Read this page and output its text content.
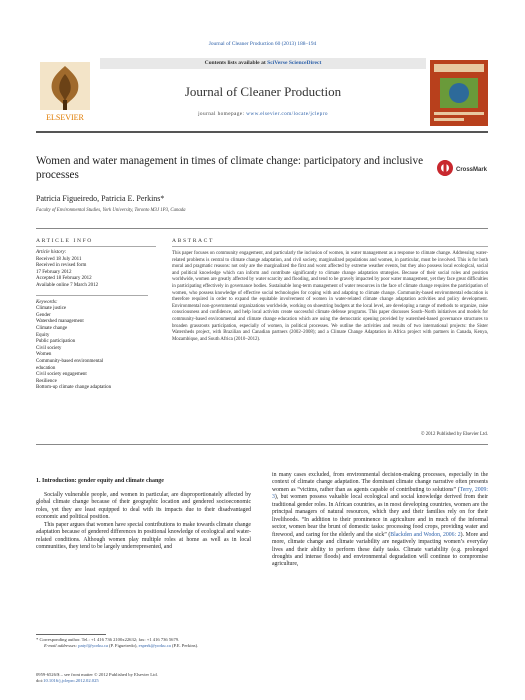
Journal of Cleaner Production 60 (2013) 188–194
ELSEVIER
Contents lists available at SciVerse ScienceDirect
Journal of Cleaner Production
journal homepage: www.elsevier.com/locate/jclepro
Women and water management in times of climate change: participatory and inclusive processes	CrossMark
Patricia Figueiredo, Patricia E. Perkins*
Faculty of Environmental Studies, York University, Toronto M3J 1P3, Canada
ARTICLE INFO	ABSTRACT
Article history:
Received 18 July 2011
Received in revised form
17 February 2012
Accepted 18 February 2012
Available online 7 March 2012
Keywords:
Climate justice
Gender
Watershed management
Climate change
Equity
Public participation
Civil society
Women
Community-based environmental
education
Civil society engagement
Resilience
Bottom-up climate change adaptation
This paper focuses on community engagement, and particularly the inclusion of women, in water management as a response to climate change. Addressing water-related problems is central to climate change adaptation, and civil society, marginalized populations and women, in particular, must be involved. This is for both moral and pragmatic reasons: not only are the marginalized the first and worst affected by extreme weather events, but they also possess local ecological, social and political knowledge which can inform and contribute significantly to climate change adaptation strategies. Because of their social roles and position worldwide, women are greatly affected by water scarcity and flooding, and tend to be gravely impacted by poor water management, yet they face great difficulties in participating effectively in governance bodies. Sustainable long-term management of water resources in the face of climate change requires the participation of women, who possess knowledge of effective social technologies for coping with and adapting to climate change. Community-based environmental education is therefore required in order to expand the equitable involvement of women in water-related climate change adaptation activities and policy development. Environmental non-governmental organizations worldwide, working on shoestring budgets at the local level, are developing a range of methods to organize, raise consciousness and confidence, and help local activists create successful climate defense programs. This paper discusses South–North initiatives and models for community-based environmental and climate change education which are using the democratic opening provided by watershed-based governance structures to broaden grassroots participation, especially of women, in political processes. We outline the activities and results of two international projects: the Sister Watersheds project, with Brazilian and Canadian partners (2002–2008); and a Climate Change Adaptation in Africa project with partners in Canada, Kenya, Mozambique, and South Africa (2010–2012).
© 2012 Published by Elsevier Ltd.
1. Introduction: gender equity and climate change

Socially vulnerable people, and women in particular, are disproportionately affected by global climate change because of their geographic location and gendered socioeconomic roles, yet they are least equipped to deal with its impacts due to their disadvantaged economic and political position.

This paper argues that women have special contributions to make towards climate change adaptation because of gendered differences in positional knowledge of ecological and water-related conditions. Although women play multiple roles at home as well as in local communities, they tend to be largely underrepresented, and

in many cases excluded, from environmental decision-making processes, especially in the context of climate change adaptation. The dominant climate change narrative often presents women as “victims, rather than as agents capable of contributing to solutions” (Terry, 2009: 3), but women possess valuable local ecological and social knowledge derived from their traditional gender roles. In African countries, as in most developing countries, women are the principal managers of natural resources, which they and their families rely on for their livelihoods. “In addition to their prominence in agriculture and in much of the informal sector, women bear the brunt of domestic tasks: processing food crops, providing water and firewood, and caring for the elderly and the sick” (Blackden and Wodon, 2006: 2). More and more, climate change and climate variability are negatively impacting women’s everyday lives and their ability to perform these daily tasks. Climate variability (e.g. prolonged droughts and intense floods) and environmental degradation will continue to compromise agriculture,

* Corresponding author. Tel.: +1 416 736 2100x22632; fax: +1 416 736 5679.
E-mail addresses: patyf@yorku.ca (P. Figueiredo), esperk@yorku.ca (P.E. Perkins).
0959-6526/$ – see front matter © 2012 Published by Elsevier Ltd.
doi:10.1016/j.jclepro.2012.02.025
